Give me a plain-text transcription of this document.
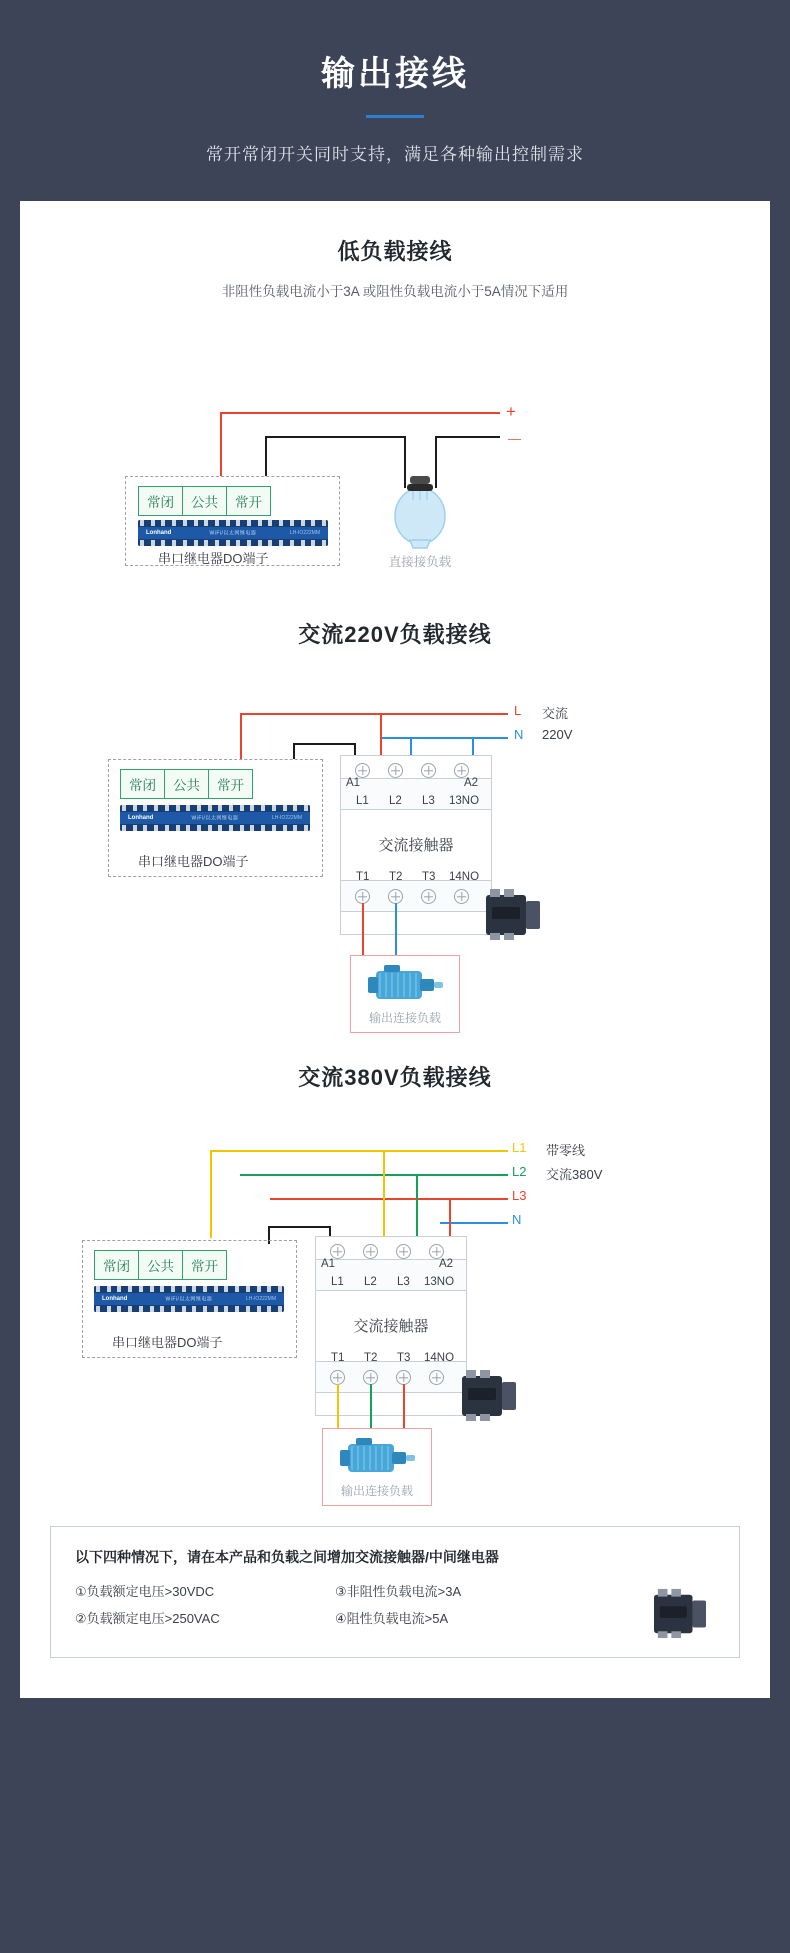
输出接线
常开常闭开关同时支持，满足各种输出控制需求
低负载接线
非阻性负载电流小于3A 或阻性负载电流小于5A情况下适用
+
－
常闭	公共	常开
Lonhand	WiFi/以太网继电器	LH-IO222MM
串口继电器DO端子	直接接负载
交流220V负载接线
L
N
交流
220V
常闭	公共	常开
Lonhand	WiFi/以太网继电器	LH-IO222MM
串口继电器DO端子
交流接触器
A1	A2
L1 L2 L3 13NO
T1 T2 T3 14NO
输出连接负载
交流380V负载接线
L1
L2
L3
N
带零线
交流380V
常闭	公共	常开
Lonhand	WiFi/以太网继电器	LH-IO222MM
串口继电器DO端子
交流接触器
A1	A2
L1 L2 L3 13NO
T1 T2 T3 14NO
以下四种情况下，请在本产品和负载之间增加交流接触器/中间继电器
①负载额定电压>30VDC
②负载额定电压>250VAC
③非阻性负载电流>3A
④阻性负载电流>5A
